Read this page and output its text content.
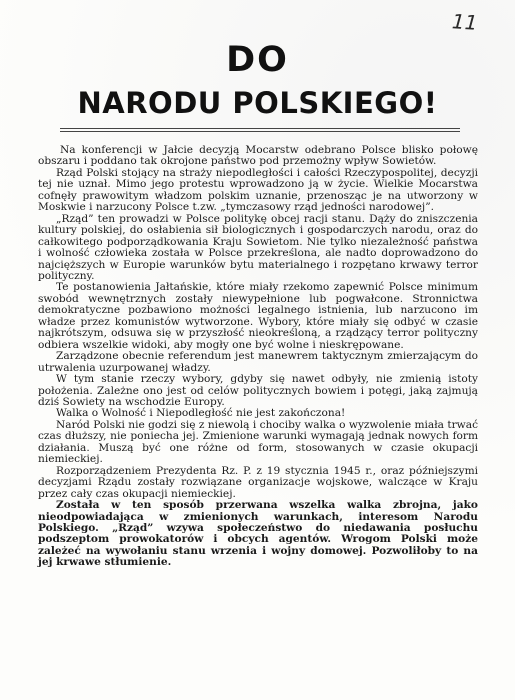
11
DO
NARODU POLSKIEGO!

Na konferencji w Jałcie decyzją Mocarstw odebrano Polsce blisko połowę obszaru i poddano tak okrojone państwo pod przemożny wpływ Sowietów.

Rząd Polski stojący na straży niepodległości i całości Rzeczypospolitej, decyzji tej nie uznał. Mimo jego protestu wprowadzono ją w życie. Wielkie Mocarstwa cofnęły prawowitym władzom polskim uznanie, przenosząc je na utworzony w Moskwie i narzucony Polsce t.zw. „tymczasowy rząd jedności narodowej”.

„Rząd” ten prowadzi w Polsce politykę obcej racji stanu. Dąży do zniszczenia kultury polskiej, do osłabienia sił biologicznych i gospodarczych narodu, oraz do całkowitego podporządkowania Kraju Sowietom. Nie tylko niezależność państwa i wolność człowieka została w Polsce przekreślona, ale nadto doprowadzono do najcięższych w Europie warunków bytu materialnego i rozpętano krwawy terror polityczny.

Te postanowienia Jałtańskie, które miały rzekomo zapewnić Polsce minimum swobód wewnętrznych zostały niewypełnione lub pogwałcone. Stronnictwa demokratyczne pozbawiono możności legalnego istnienia, lub narzucono im władze przez komunistów wytworzone. Wybory, które miały się odbyć w czasie najkrótszym, odsuwa się w przyszłość nieokreśloną, a rządzący terror polityczny odbiera wszelkie widoki, aby mogły one być wolne i nieskrępowane.

Zarządzone obecnie referendum jest manewrem taktycznym zmierzającym do utrwalenia uzurpowanej władzy.

W tym stanie rzeczy wybory, gdyby się nawet odbyły, nie zmienią istoty położenia. Zależne ono jest od celów politycznych bowiem i potęgi, jaką zajmują dziś Sowiety na wschodzie Europy.

Walka o Wolność i Niepodległość nie jest zakończona!

Naród Polski nie godzi się z niewolą i chociby walka o wyzwolenie miała trwać czas dłuższy, nie poniecha jej. Zmienione warunki wymagają jednak nowych form działania. Muszą być one różne od form, stosowanych w czasie okupacji niemieckiej.

Rozporządzeniem Prezydenta Rz. P. z 19 stycznia 1945 r., oraz późniejszymi decyzjami Rządu zostały rozwiązane organizacje wojskowe, walczące w Kraju przez cały czas okupacji niemieckiej.

Została w ten sposób przerwana wszelka walka zbrojna, jako nieodpowiadająca w zmienionych warunkach, interesom Narodu Polskiego. „Rząd” wzywa społeczeństwo do niedawania posłuchu podszeptom prowokatorów i obcych agentów. Wrogom Polski może zależeć na wywołaniu stanu wrzenia i wojny domowej. Pozwoliłoby to na jej krwawe stłumienie.
